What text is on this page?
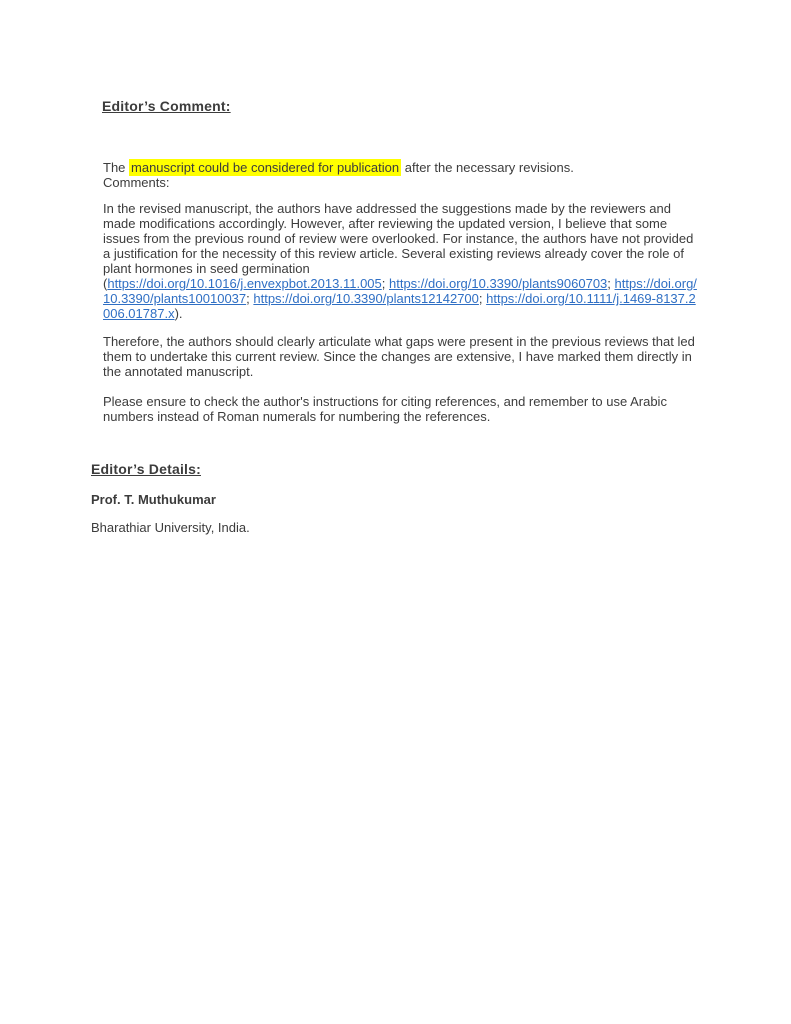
Editor’s Comment:
The manuscript could be considered for publication after the necessary revisions.
Comments:
In the revised manuscript, the authors have addressed the suggestions made by the reviewers and made modifications accordingly. However, after reviewing the updated version, I believe that some issues from the previous round of review were overlooked. For instance, the authors have not provided a justification for the necessity of this review article. Several existing reviews already cover the role of plant hormones in seed germination
(https://doi.org/10.1016/j.envexpbot.2013.11.005; https://doi.org/10.3390/plants9060703; https://doi.org/10.3390/plants10010037; https://doi.org/10.3390/plants12142700; https://doi.org/10.1111/j.1469-8137.2006.01787.x).
Therefore, the authors should clearly articulate what gaps were present in the previous reviews that led them to undertake this current review. Since the changes are extensive, I have marked them directly in the annotated manuscript.
Please ensure to check the author's instructions for citing references, and remember to use Arabic numbers instead of Roman numerals for numbering the references.
Editor’s Details:
Prof. T. Muthukumar
Bharathiar University, India.
